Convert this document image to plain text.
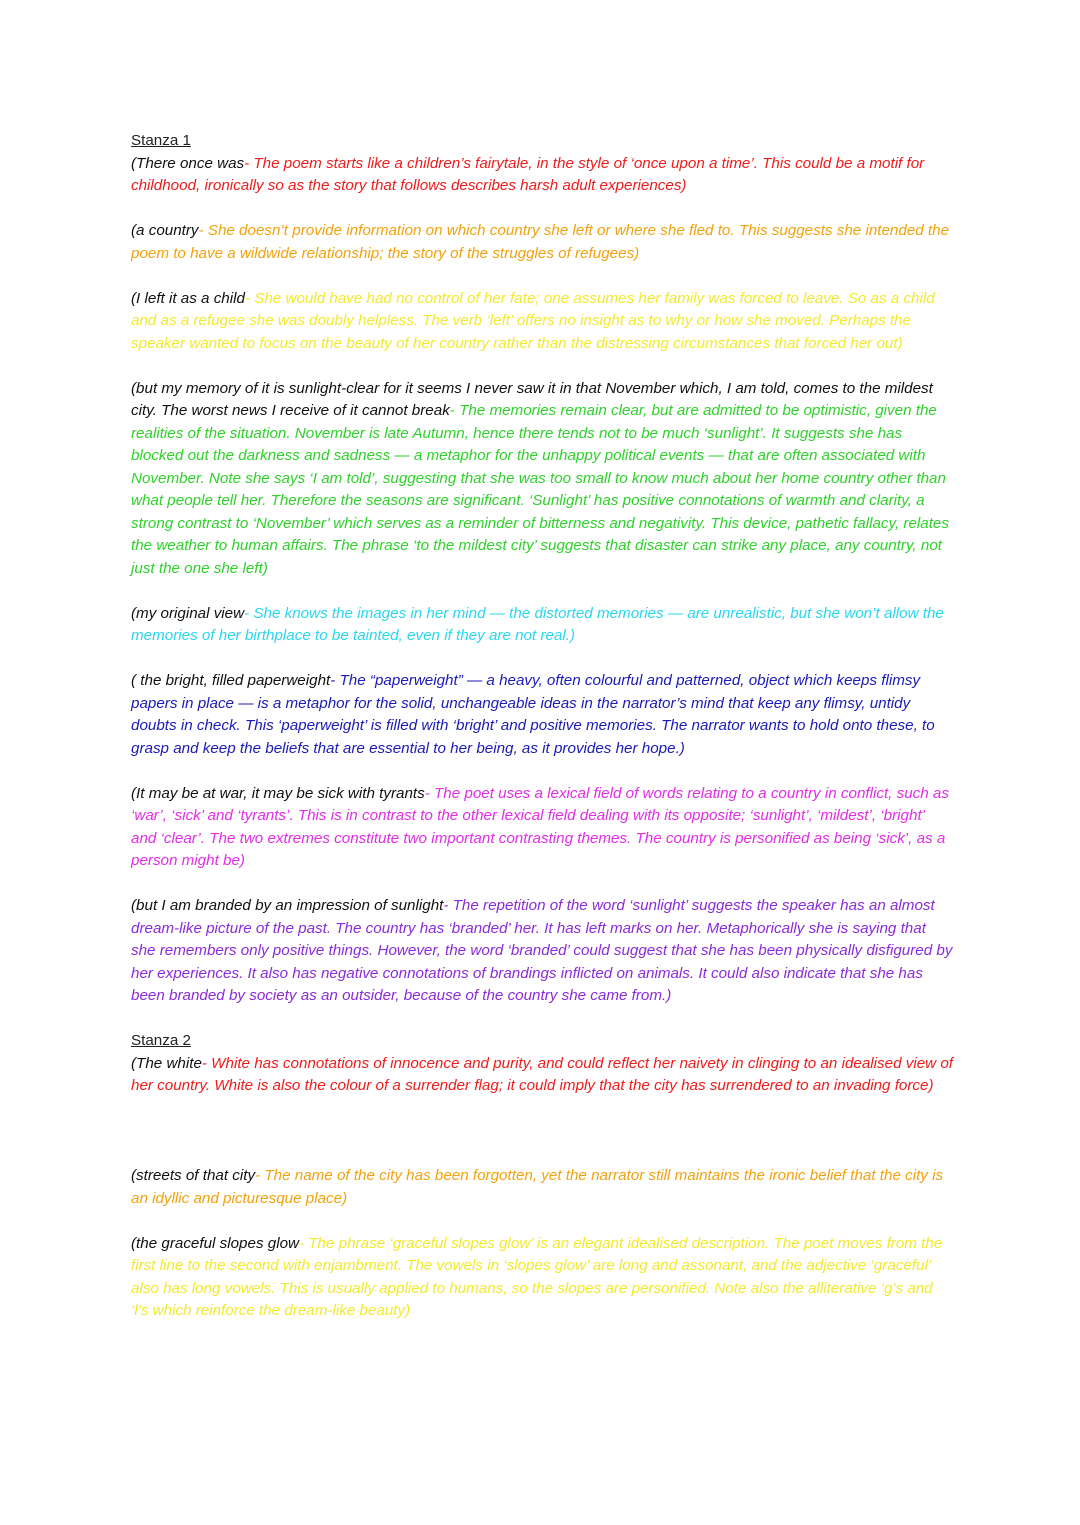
Stanza 1

(There once was- The poem starts like a children’s fairytale, in the style of ‘once upon a time’. This could be a motif for childhood, ironically so as the story that follows describes harsh adult experiences)

(a country- She doesn’t provide information on which country she left or where she fled to. This suggests she intended the poem to have a wildwide relationship; the story of the struggles of refugees)

(I left it as a child- She would have had no control of her fate; one assumes her family was forced to leave. So as a child and as a refugee she was doubly helpless. The verb ‘left’ offers no insight as to why or how she moved. Perhaps the speaker wanted to focus on the beauty of her country rather than the distressing circumstances that forced her out)

(but my memory of it is sunlight-clear for it seems I never saw it in that November which, I am told, comes to the mildest city. The worst news I receive of it cannot break- The memories remain clear, but are admitted to be optimistic, given the realities of the situation. November is late Autumn, hence there tends not to be much ‘sunlight’. It suggests she has blocked out the darkness and sadness — a metaphor for the unhappy political events — that are often associated with November. Note she says ‘I am told’, suggesting that she was too small to know much about her home country other than what people tell her. Therefore the seasons are significant. ‘Sunlight’ has positive connotations of warmth and clarity, a strong contrast to ‘November’ which serves as a reminder of bitterness and negativity. This device, pathetic fallacy, relates the weather to human affairs. The phrase ‘to the mildest city’ suggests that disaster can strike any place, any country, not just the one she left)

(my original view- She knows the images in her mind — the distorted memories — are unrealistic, but she won’t allow the memories of her birthplace to be tainted, even if they are not real.)

( the bright, filled paperweight- The “paperweight” — a heavy, often colourful and patterned, object which keeps flimsy papers in place — is a metaphor for the solid, unchangeable ideas in the narrator’s mind that keep any flimsy, untidy doubts in check. This ‘paperweight’ is filled with ‘bright’ and positive memories. The narrator wants to hold onto these, to grasp and keep the beliefs that are essential to her being, as it provides her hope.)

(It may be at war, it may be sick with tyrants- The poet uses a lexical field of words relating to a country in conflict, such as ‘war’, ‘sick’ and ‘tyrants’. This is in contrast to the other lexical field dealing with its opposite; ‘sunlight’, ‘mildest’, ‘bright’ and ‘clear’. The two extremes constitute two important contrasting themes. The country is personified as being ‘sick’, as a person might be)

(but I am branded by an impression of sunlight- The repetition of the word ‘sunlight’ suggests the speaker has an almost dream-like picture of the past. The country has ‘branded’ her. It has left marks on her. Metaphorically she is saying that she remembers only positive things. However, the word ‘branded’ could suggest that she has been physically disfigured by her experiences. It also has negative connotations of brandings inflicted on animals. It could also indicate that she has been branded by society as an outsider, because of the country she came from.)

Stanza 2

(The white- White has connotations of innocence and purity, and could reflect her naivety in clinging to an idealised view of her country. White is also the colour of a surrender flag; it could imply that the city has surrendered to an invading force)

(streets of that city- The name of the city has been forgotten, yet the narrator still maintains the ironic belief that the city is an idyllic and picturesque place)

(the graceful slopes glow- The phrase ‘graceful slopes glow’ is an elegant idealised description. The poet moves from the first line to the second with enjambment. The vowels in ‘slopes glow’ are long and assonant, and the adjective ‘graceful’ also has long vowels. This is usually applied to humans, so the slopes are personified. Note also the alliterative ‘g’s and ‘l’s which reinforce the dream-like beauty)
